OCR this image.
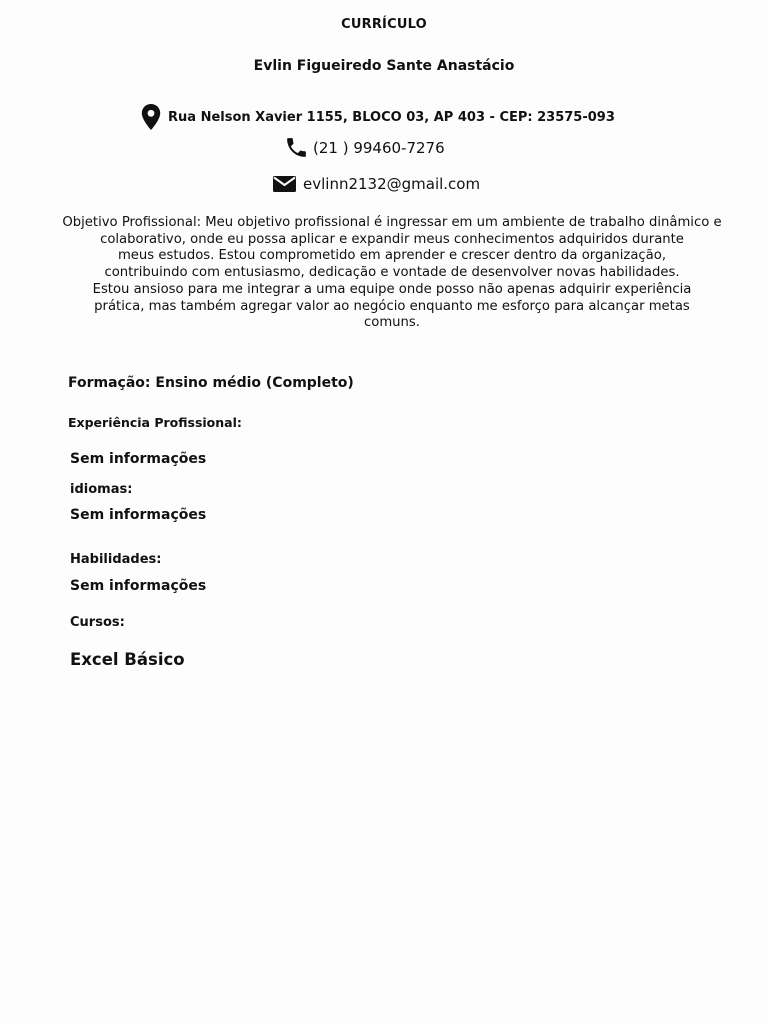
CURRÍCULO
Evlin Figueiredo Sante Anastácio
Rua Nelson Xavier 1155, BLOCO 03, AP 403 - CEP: 23575-093
(21 ) 99460-7276
evlinn2132@gmail.com
Objetivo Profissional: Meu objetivo profissional é ingressar em um ambiente de trabalho dinâmico e
colaborativo, onde eu possa aplicar e expandir meus conhecimentos adquiridos durante
meus estudos. Estou comprometido em aprender e crescer dentro da organização,
contribuindo com entusiasmo, dedicação e vontade de desenvolver novas habilidades.
Estou ansioso para me integrar a uma equipe onde posso não apenas adquirir experiência
prática, mas também agregar valor ao negócio enquanto me esforço para alcançar metas
comuns.
Formação: Ensino médio (Completo)
Experiência Profissional:
Sem informações
idiomas:
Sem informações
Habilidades:
Sem informações
Cursos:
Excel Básico
